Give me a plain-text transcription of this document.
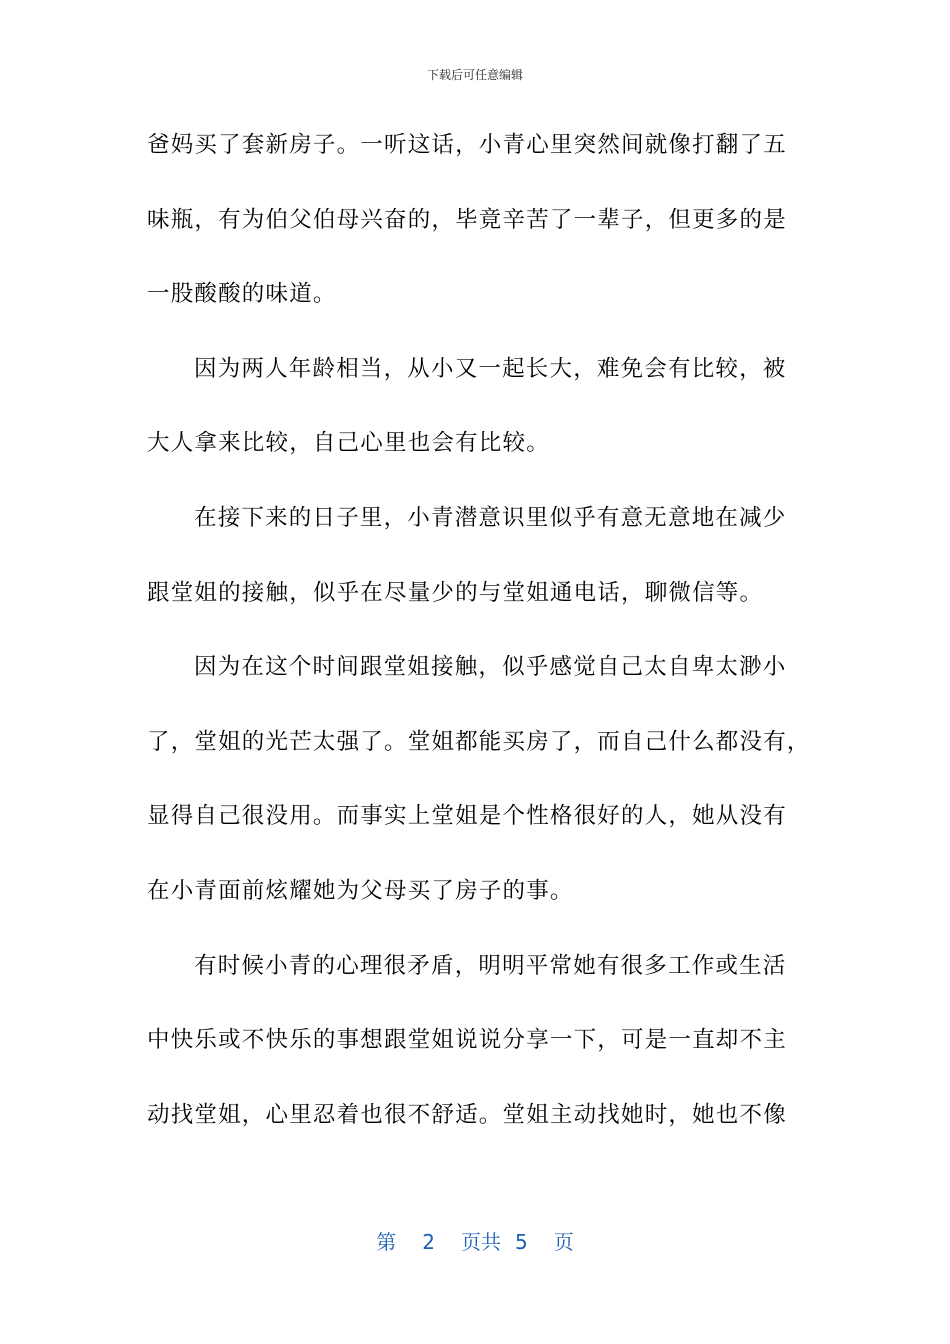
下载后可任意编辑
爸妈买了套新房子。一听这话，小青心里突然间就像打翻了五
味瓶，有为伯父伯母兴奋的，毕竟辛苦了一辈子，但更多的是
一股酸酸的味道。
因为两人年龄相当，从小又一起长大，难免会有比较，被
大人拿来比较，自己心里也会有比较。
在接下来的日子里，小青潜意识里似乎有意无意地在减少
跟堂姐的接触，似乎在尽量少的与堂姐通电话，聊微信等。
因为在这个时间跟堂姐接触，似乎感觉自己太自卑太渺小
了，堂姐的光芒太强了。堂姐都能买房了，而自己什么都没有，
显得自己很没用。而事实上堂姐是个性格很好的人，她从没有
在小青面前炫耀她为父母买了房子的事。
有时候小青的心理很矛盾，明明平常她有很多工作或生活
中快乐或不快乐的事想跟堂姐说说分享一下，可是一直却不主
动找堂姐，心里忍着也很不舒适。堂姐主动找她时，她也不像
第 2 页共 5 页
